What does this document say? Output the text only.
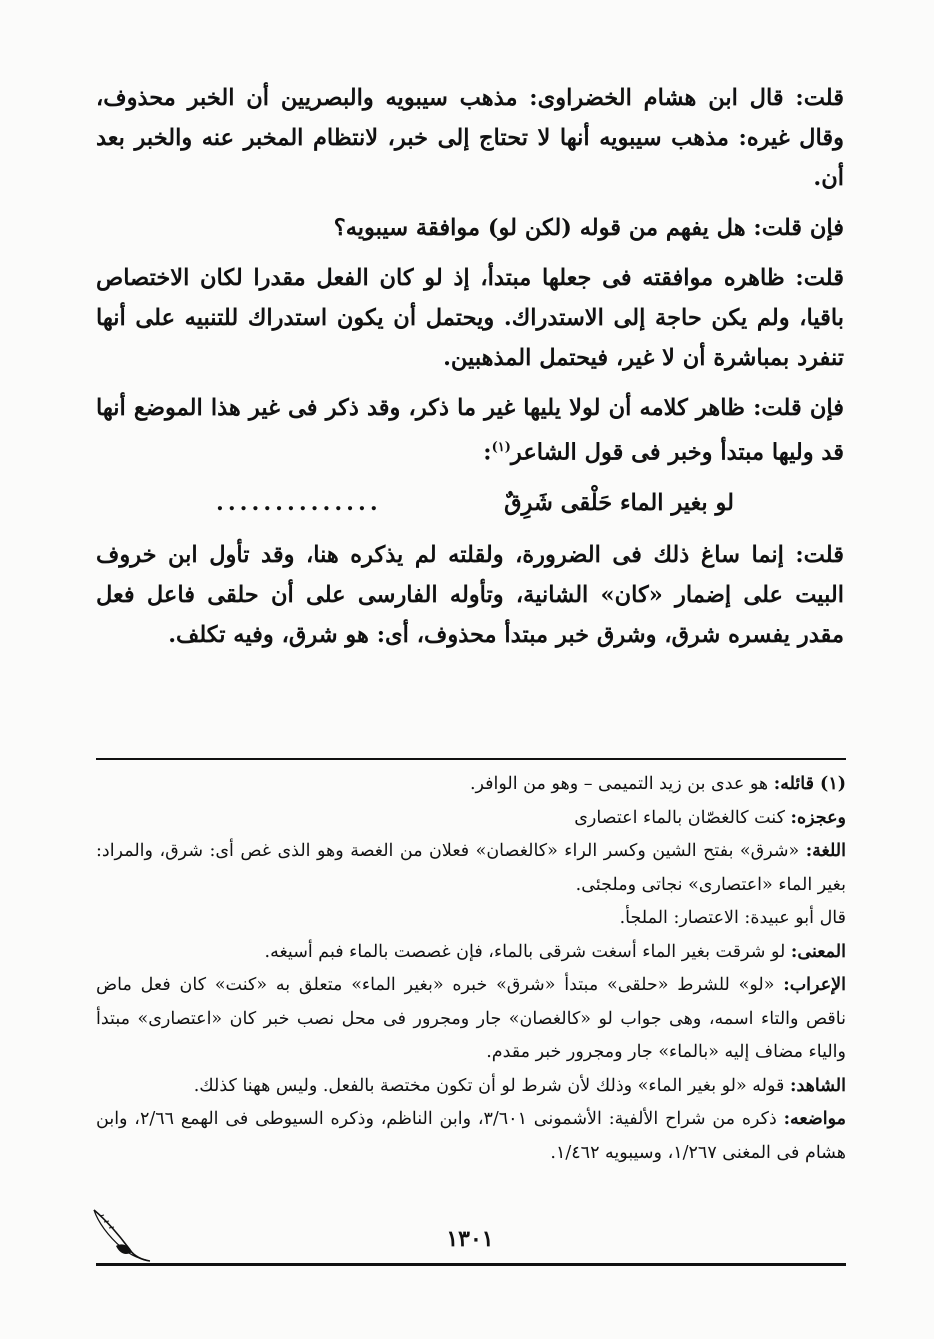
قلت: قال ابن هشام الخضراوى: مذهب سيبويه والبصريين أن الخبر محذوف، وقال غيره: مذهب سيبويه أنها لا تحتاج إلى خبر، لانتظام المخبر عنه والخبر بعد أن.

فإن قلت: هل يفهم من قوله (لكن لو) موافقة سيبويه؟

قلت: ظاهره موافقته فى جعلها مبتدأ، إذ لو كان الفعل مقدرا لكان الاختصاص باقيا، ولم يكن حاجة إلى الاستدراك. ويحتمل أن يكون استدراك للتنبيه على أنها تنفرد بمباشرة أن لا غير، فيحتمل المذهبين.

فإن قلت: ظاهر كلامه أن لولا يليها غير ما ذكر، وقد ذكر فى غير هذا الموضع أنها قد وليها مبتدأ وخبر فى قول الشاعر$^{(١)}$:

لو بغير الماء حَلْقى شَرِقٌ
..............

قلت: إنما ساغ ذلك فى الضرورة، ولقلته لم يذكره هنا، وقد تأول ابن خروف البيت على إضمار «كان» الشانية، وتأوله الفارسى على أن حلقى فاعل فعل مقدر يفسره شرق، وشرق خبر مبتدأ محذوف، أى: هو شرق، وفيه تكلف.

(١) قائله: هو عدى بن زيد التميمى – وهو من الوافر.

وعجزه: كنت كالغصّان بالماء اعتصارى

اللغة: «شرق» بفتح الشين وكسر الراء «كالغصان» فعلان من الغصة وهو الذى غص أى: شرق، والمراد: بغير الماء «اعتصارى» نجاتى وملجئى.

قال أبو عبيدة: الاعتصار: الملجأ.

المعنى: لو شرقت بغير الماء أسغت شرقى بالماء، فإن غصصت بالماء فبم أسيغه.

الإعراب: «لو» للشرط «حلقى» مبتدأ «شرق» خبره «بغير الماء» متعلق به «كنت» كان فعل ماض ناقص والتاء اسمه، وهى جواب لو «كالغصان» جار ومجرور فى محل نصب خبر كان «اعتصارى» مبتدأ والياء مضاف إليه «بالماء» جار ومجرور خبر مقدم.

الشاهد: قوله «لو بغير الماء» وذلك لأن شرط لو أن تكون مختصة بالفعل. وليس ههنا كذلك.

مواضعه: ذكره من شراح الألفية: الأشمونى ٣/٦٠١، وابن الناظم، وذكره السيوطى فى الهمع ٢/٦٦، وابن هشام فى المغنى ١/٢٦٧، وسيبويه ١/٤٦٢.

١٣٠١
